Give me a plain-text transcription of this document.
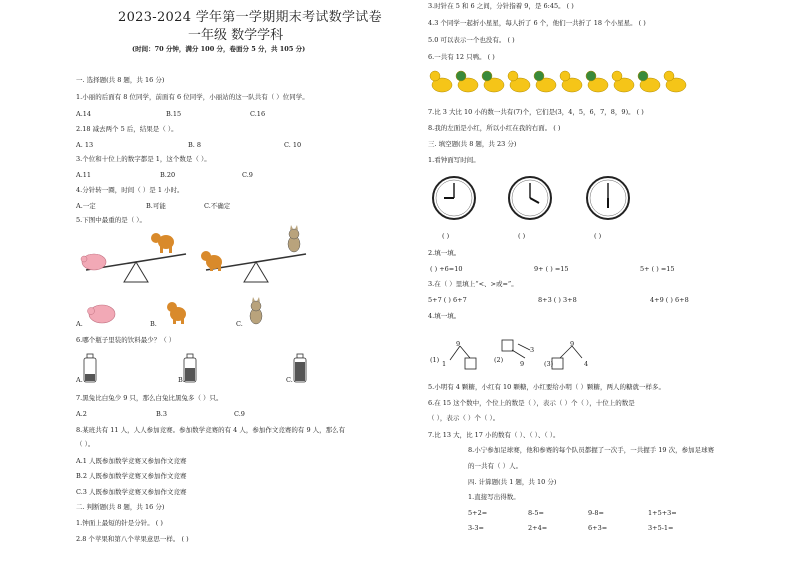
2023-2024 学年第一学期期末考试数学试卷
一年级 数学学科
(时间：70 分钟，满分 100 分，卷面分 5 分，共 105 分)
一. 选择题(共 8 题，共 16 分)
1.小丽的后面有 8 位同学，前面有 6 位同学，小丽站的这一队共有（ ）位同学。
A.14	B.15	C.16
2.18 减去两个 5 后，结果是（ ）。
A. 13	B. 8	C. 10
3.个位和十位上的数字都是 1，这个数是（ ）。
A.11	B.20	C.9
4.分针转一圈，时间（ ）是 1 小时。
A.一定	B.可能	C.不确定
5.下图中最重的是（ ）。
A.	B.	C.
6.哪个瓶子里装的饮料最少？（ ）
A.	B.	C.
7.黑兔比白兔少 9 只，那么白兔比黑兔多（ ）只。
A.2	B.3	C.9
8.某班共有 11 人，人人参加竞赛。参加数学竞赛的有 4 人，参加作文竞赛的有 9 人，那么有
（ ）。
A.1 人既参加数学竞赛又参加作文竞赛
B.2 人既参加数学竞赛又参加作文竞赛
C.3 人既参加数学竞赛又参加作文竞赛
二. 判断题(共 8 题，共 16 分)
1.钟面上最短的针是分针。 ( )
2.8 个苹果和第八个苹果意思一样。 ( )
3.时针在 5 和 6 之间，分针指着 9，是 6:45。 ( )
4.3 个同学一起折小星星，每人折了 6 个，他们一共折了 18 个小星星。 ( )
5.0 可以表示一个也没有。 ( )
6.一共有 12 只鸭。 ( )
7.比 3 大比 10 小的数一共有(7)个，它们是(3，4，5，6，7，8，9)。 ( )
8.我的左面是小红，所以小红在我的右面。 ( )
三. 填空题(共 8 题，共 23 分)
1.看钟面写时间。
( )	( )	( )
2.填一填。
( ) +6=10	9+ ( ) =15	5+ ( ) =15
3.在（ ）里填上“<、>或=”。
5+7 ( ) 6+7	8+3 ( ) 3+8	4+9 ( ) 6+8
4.填一填。
(1)
9
1	(2)
3
9	(3)
9
4
5.小明有 4 颗糖，小红有 10 颗糖，小红要给小明（ ）颗糖，两人的糖就一样多。
6.在 15 这个数中，个位上的数是（ ），表示（ ）个（ ），十位上的数是
（ ），表示（ ）个（ ）。
7.比 13 大，比 17 小的数有（ ）、（ ）、（ ）。
8.小宁参加足球赛，他和参赛的每个队员都握了一次手，一共握手 19 次，参加足球赛
的一共有（ ）人。
四. 计算题(共 1 题，共 10 分)
1.直接写出得数。
5+2=	8-5=	9-8=	1+5+3=
3-3=	2+4=	6+3=	3+5-1=
